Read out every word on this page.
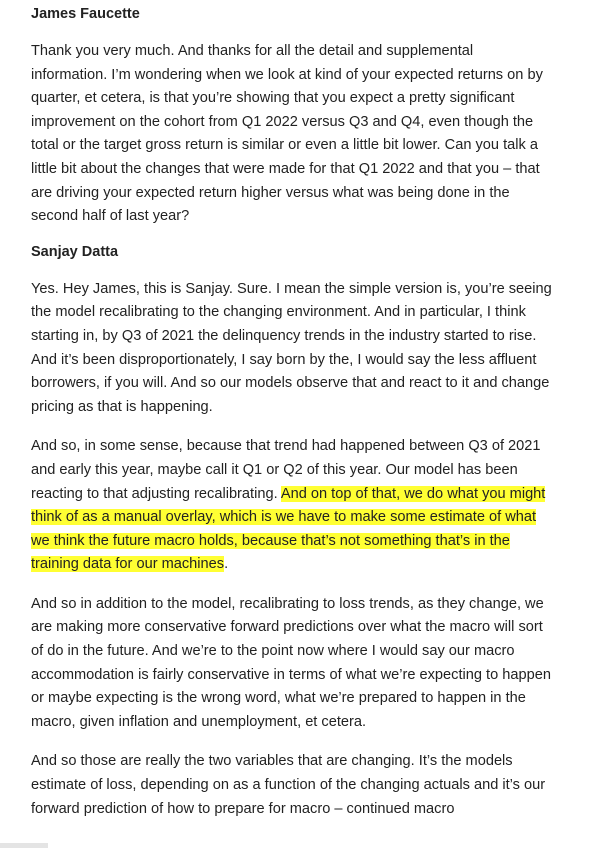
James Faucette

Thank you very much. And thanks for all the detail and supplemental information. I’m wondering when we look at kind of your expected returns on by quarter, et cetera, is that you’re showing that you expect a pretty significant improvement on the cohort from Q1 2022 versus Q3 and Q4, even though the total or the target gross return is similar or even a little bit lower. Can you talk a little bit about the changes that were made for that Q1 2022 and that you – that are driving your expected return higher versus what was being done in the second half of last year?

Sanjay Datta

Yes. Hey James, this is Sanjay. Sure. I mean the simple version is, you’re seeing the model recalibrating to the changing environment. And in particular, I think starting in, by Q3 of 2021 the delinquency trends in the industry started to rise. And it’s been disproportionately, I say born by the, I would say the less affluent borrowers, if you will. And so our models observe that and react to it and change pricing as that is happening.

And so, in some sense, because that trend had happened between Q3 of 2021 and early this year, maybe call it Q1 or Q2 of this year. Our model has been reacting to that adjusting recalibrating. And on top of that, we do what you might think of as a manual overlay, which is we have to make some estimate of what we think the future macro holds, because that’s not something that’s in the training data for our machines.

And so in addition to the model, recalibrating to loss trends, as they change, we are making more conservative forward predictions over what the macro will sort of do in the future. And we’re to the point now where I would say our macro accommodation is fairly conservative in terms of what we’re expecting to happen or maybe expecting is the wrong word, what we’re prepared to happen in the macro, given inflation and unemployment, et cetera.

And so those are really the two variables that are changing. It’s the models estimate of loss, depending on as a function of the changing actuals and it’s our forward prediction of how to prepare for macro – continued macro
